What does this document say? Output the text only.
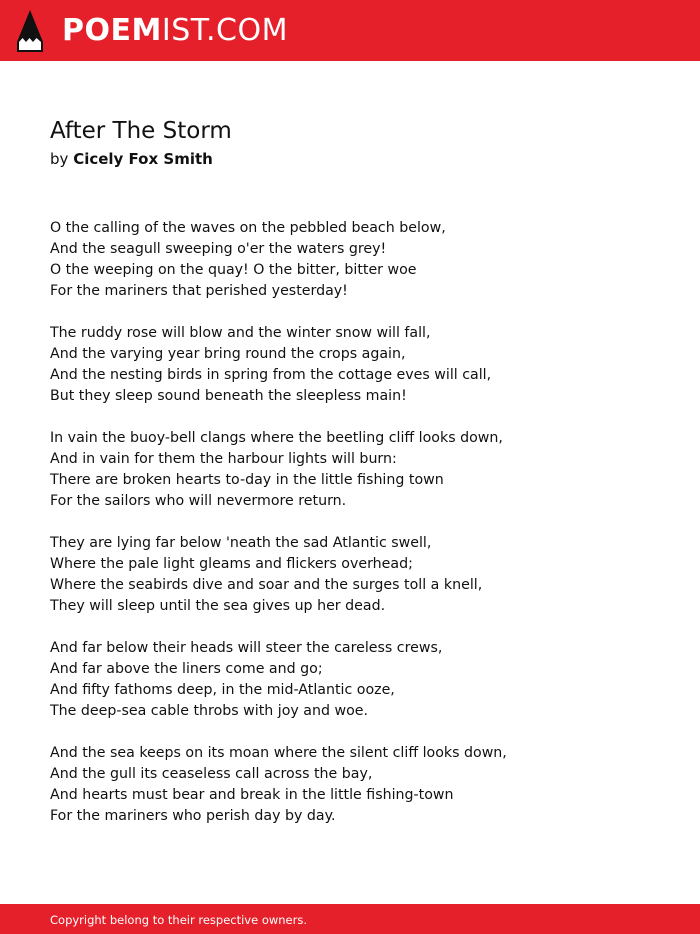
POEMIST.COM
After The Storm
by Cicely Fox Smith
O the calling of the waves on the pebbled beach below,
And the seagull sweeping o'er the waters grey!
O the weeping on the quay! O the bitter, bitter woe
For the mariners that perished yesterday!
The ruddy rose will blow and the winter snow will fall,
And the varying year bring round the crops again,
And the nesting birds in spring from the cottage eves will call,
But they sleep sound beneath the sleepless main!
In vain the buoy-bell clangs where the beetling cliff looks down,
And in vain for them the harbour lights will burn:
There are broken hearts to-day in the little fishing town
For the sailors who will nevermore return.
They are lying far below 'neath the sad Atlantic swell,
Where the pale light gleams and flickers overhead;
Where the seabirds dive and soar and the surges toll a knell,
They will sleep until the sea gives up her dead.
And far below their heads will steer the careless crews,
And far above the liners come and go;
And fifty fathoms deep, in the mid-Atlantic ooze,
The deep-sea cable throbs with joy and woe.
And the sea keeps on its moan where the silent cliff looks down,
And the gull its ceaseless call across the bay,
And hearts must bear and break in the little fishing-town
For the mariners who perish day by day.
Copyright belong to their respective owners.
